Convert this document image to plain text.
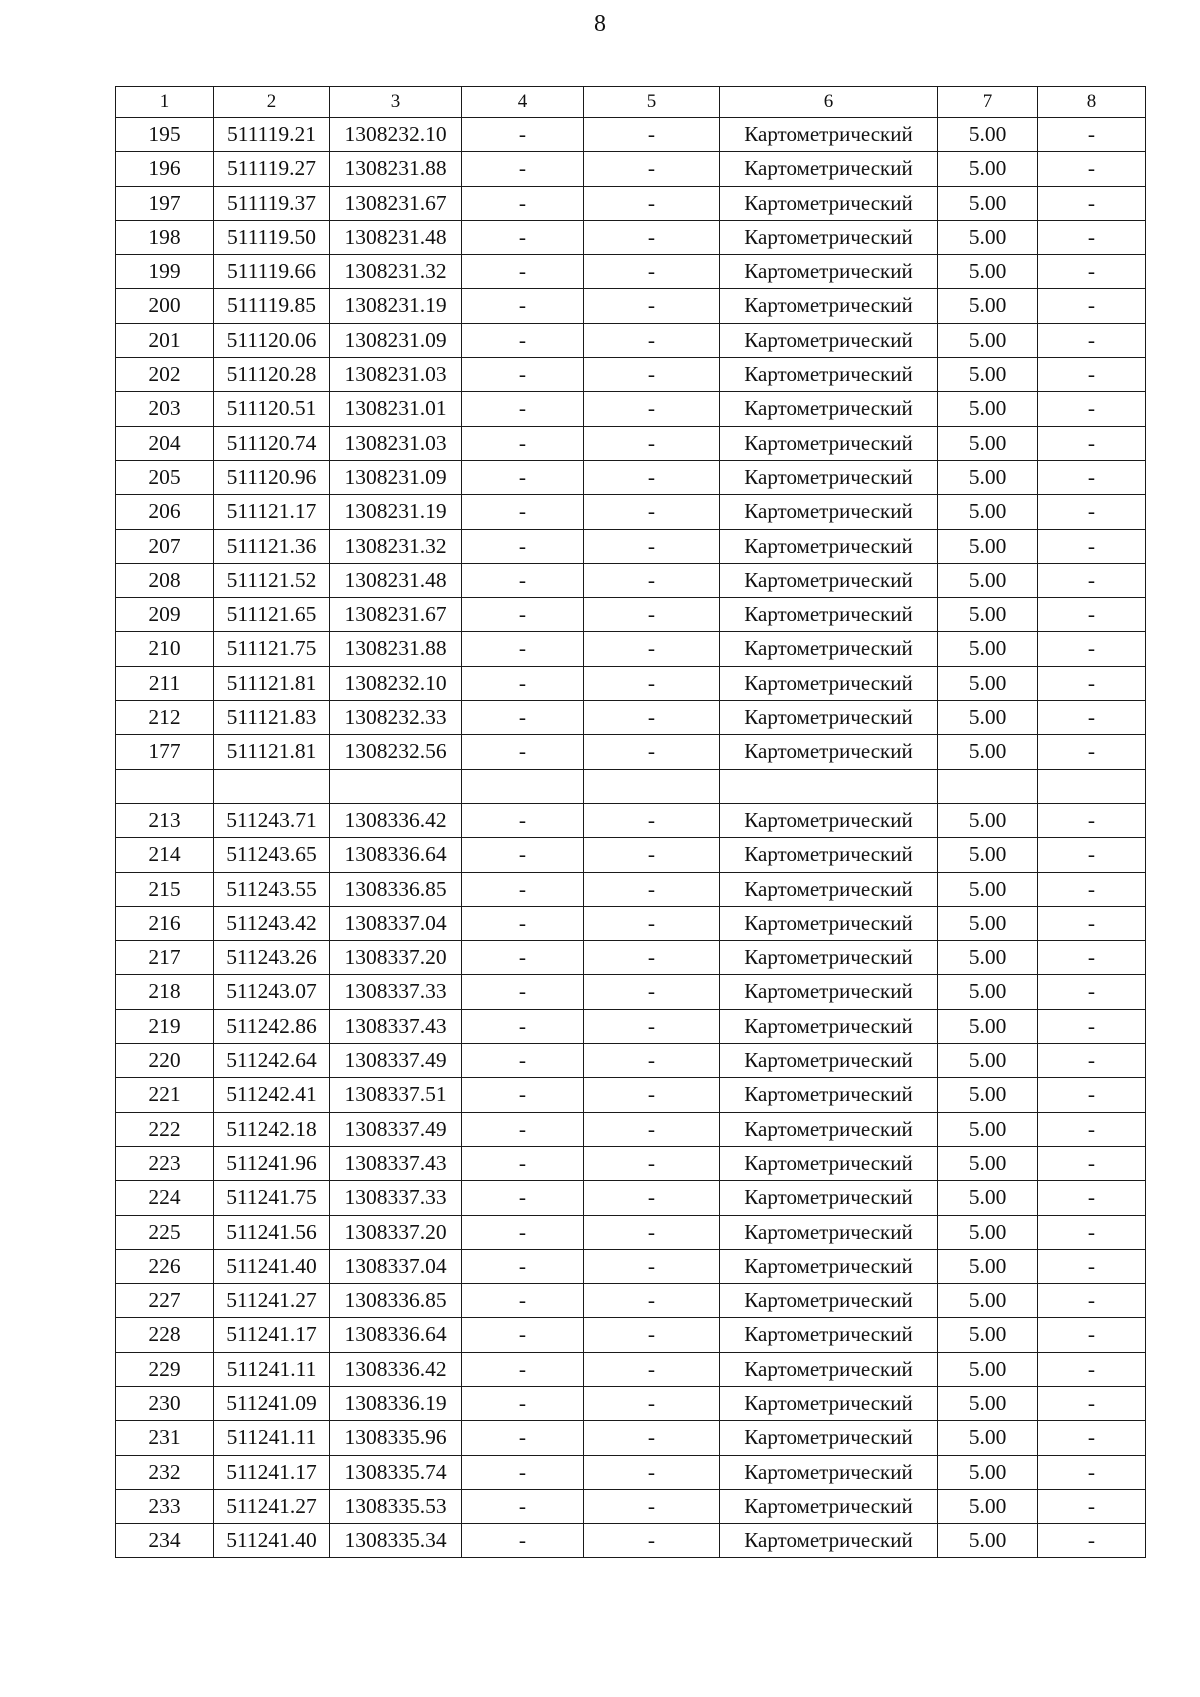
8
1	2	3	4	5	6	7	8
195	511119.21	1308232.10	-	-	Картометрический	5.00	-
196	511119.27	1308231.88	-	-	Картометрический	5.00	-
197	511119.37	1308231.67	-	-	Картометрический	5.00	-
198	511119.50	1308231.48	-	-	Картометрический	5.00	-
199	511119.66	1308231.32	-	-	Картометрический	5.00	-
200	511119.85	1308231.19	-	-	Картометрический	5.00	-
201	511120.06	1308231.09	-	-	Картометрический	5.00	-
202	511120.28	1308231.03	-	-	Картометрический	5.00	-
203	511120.51	1308231.01	-	-	Картометрический	5.00	-
204	511120.74	1308231.03	-	-	Картометрический	5.00	-
205	511120.96	1308231.09	-	-	Картометрический	5.00	-
206	511121.17	1308231.19	-	-	Картометрический	5.00	-
207	511121.36	1308231.32	-	-	Картометрический	5.00	-
208	511121.52	1308231.48	-	-	Картометрический	5.00	-
209	511121.65	1308231.67	-	-	Картометрический	5.00	-
210	511121.75	1308231.88	-	-	Картометрический	5.00	-
211	511121.81	1308232.10	-	-	Картометрический	5.00	-
212	511121.83	1308232.33	-	-	Картометрический	5.00	-
177	511121.81	1308232.56	-	-	Картометрический	5.00	-

213	511243.71	1308336.42	-	-	Картометрический	5.00	-
214	511243.65	1308336.64	-	-	Картометрический	5.00	-
215	511243.55	1308336.85	-	-	Картометрический	5.00	-
216	511243.42	1308337.04	-	-	Картометрический	5.00	-
217	511243.26	1308337.20	-	-	Картометрический	5.00	-
218	511243.07	1308337.33	-	-	Картометрический	5.00	-
219	511242.86	1308337.43	-	-	Картометрический	5.00	-
220	511242.64	1308337.49	-	-	Картометрический	5.00	-
221	511242.41	1308337.51	-	-	Картометрический	5.00	-
222	511242.18	1308337.49	-	-	Картометрический	5.00	-
223	511241.96	1308337.43	-	-	Картометрический	5.00	-
224	511241.75	1308337.33	-	-	Картометрический	5.00	-
225	511241.56	1308337.20	-	-	Картометрический	5.00	-
226	511241.40	1308337.04	-	-	Картометрический	5.00	-
227	511241.27	1308336.85	-	-	Картометрический	5.00	-
228	511241.17	1308336.64	-	-	Картометрический	5.00	-
229	511241.11	1308336.42	-	-	Картометрический	5.00	-
230	511241.09	1308336.19	-	-	Картометрический	5.00	-
231	511241.11	1308335.96	-	-	Картометрический	5.00	-
232	511241.17	1308335.74	-	-	Картометрический	5.00	-
233	511241.27	1308335.53	-	-	Картометрический	5.00	-
234	511241.40	1308335.34	-	-	Картометрический	5.00	-
